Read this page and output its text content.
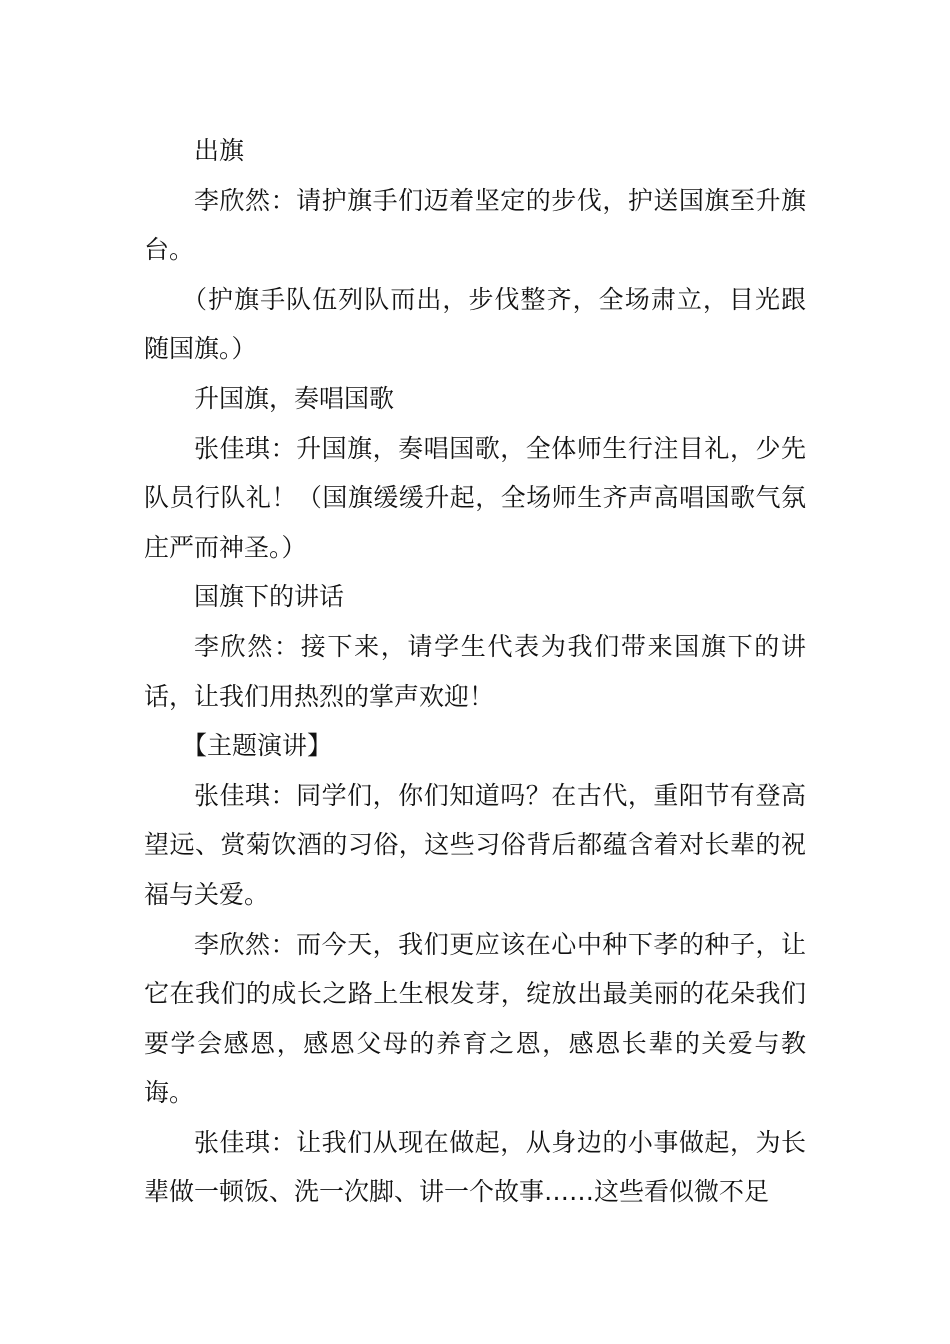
出旗

李欣然：请护旗手们迈着坚定的步伐，护送国旗至升旗台。

（护旗手队伍列队而出，步伐整齐，全场肃立，目光跟随国旗。）

升国旗，奏唱国歌

张佳琪：升国旗，奏唱国歌，全体师生行注目礼，少先队员行队礼！（国旗缓缓升起，全场师生齐声高唱国歌气氛庄严而神圣。）

国旗下的讲话

李欣然：接下来，请学生代表为我们带来国旗下的讲话，让我们用热烈的掌声欢迎！

【主题演讲】

张佳琪：同学们，你们知道吗？在古代，重阳节有登高望远、赏菊饮酒的习俗，这些习俗背后都蕴含着对长辈的祝福与关爱。

李欣然：而今天，我们更应该在心中种下孝的种子，让它在我们的成长之路上生根发芽，绽放出最美丽的花朵我们要学会感恩，感恩父母的养育之恩，感恩长辈的关爱与教诲。

张佳琪：让我们从现在做起，从身边的小事做起，为长辈做一顿饭、洗一次脚、讲一个故事……这些看似微不足
